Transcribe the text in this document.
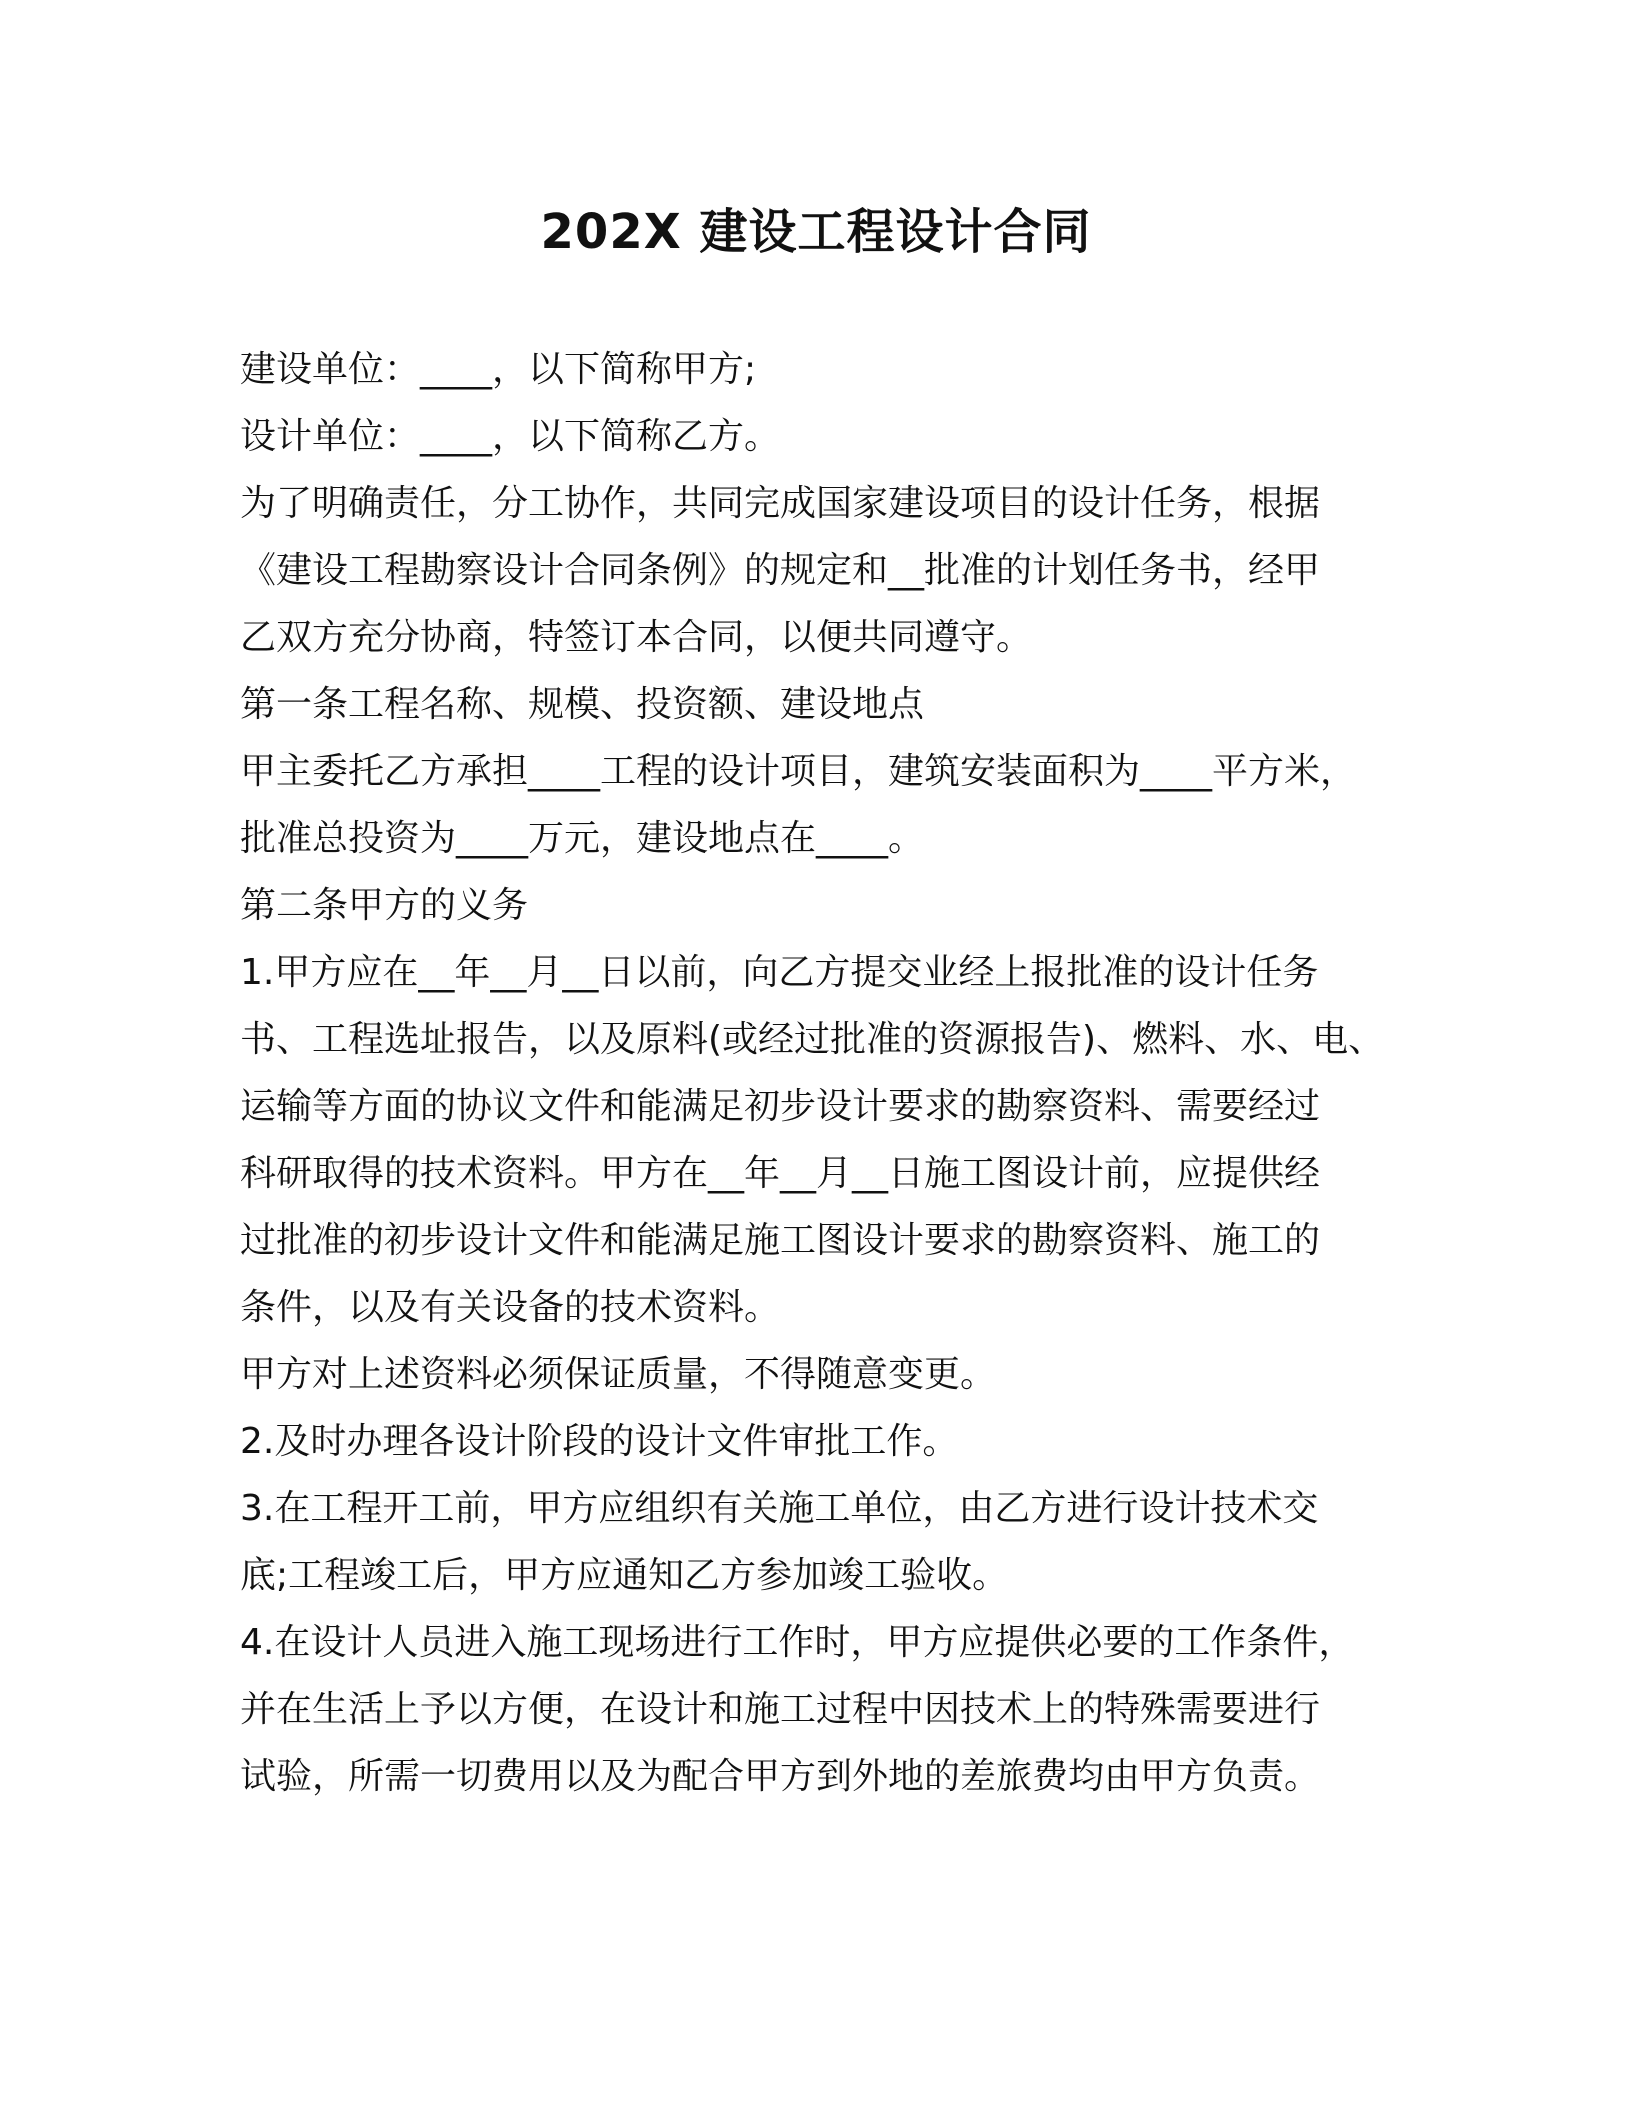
202X 建设工程设计合同
建设单位：____，以下简称甲方;
设计单位：____，以下简称乙方。
为了明确责任，分工协作，共同完成国家建设项目的设计任务，根据
《建设工程勘察设计合同条例》的规定和__批准的计划任务书，经甲
乙双方充分协商，特签订本合同，以便共同遵守。
第一条工程名称、规模、投资额、建设地点
甲主委托乙方承担____工程的设计项目，建筑安装面积为____平方米，
批准总投资为____万元，建设地点在____。
第二条甲方的义务
1.甲方应在__年__月__日以前，向乙方提交业经上报批准的设计任务
书、工程选址报告，以及原料(或经过批准的资源报告)、燃料、水、电、
运输等方面的协议文件和能满足初步设计要求的勘察资料、需要经过
科研取得的技术资料。甲方在__年__月__日施工图设计前，应提供经
过批准的初步设计文件和能满足施工图设计要求的勘察资料、施工的
条件，以及有关设备的技术资料。
甲方对上述资料必须保证质量，不得随意变更。
2.及时办理各设计阶段的设计文件审批工作。
3.在工程开工前，甲方应组织有关施工单位，由乙方进行设计技术交
底;工程竣工后，甲方应通知乙方参加竣工验收。
4.在设计人员进入施工现场进行工作时，甲方应提供必要的工作条件，
并在生活上予以方便，在设计和施工过程中因技术上的特殊需要进行
试验，所需一切费用以及为配合甲方到外地的差旅费均由甲方负责。
